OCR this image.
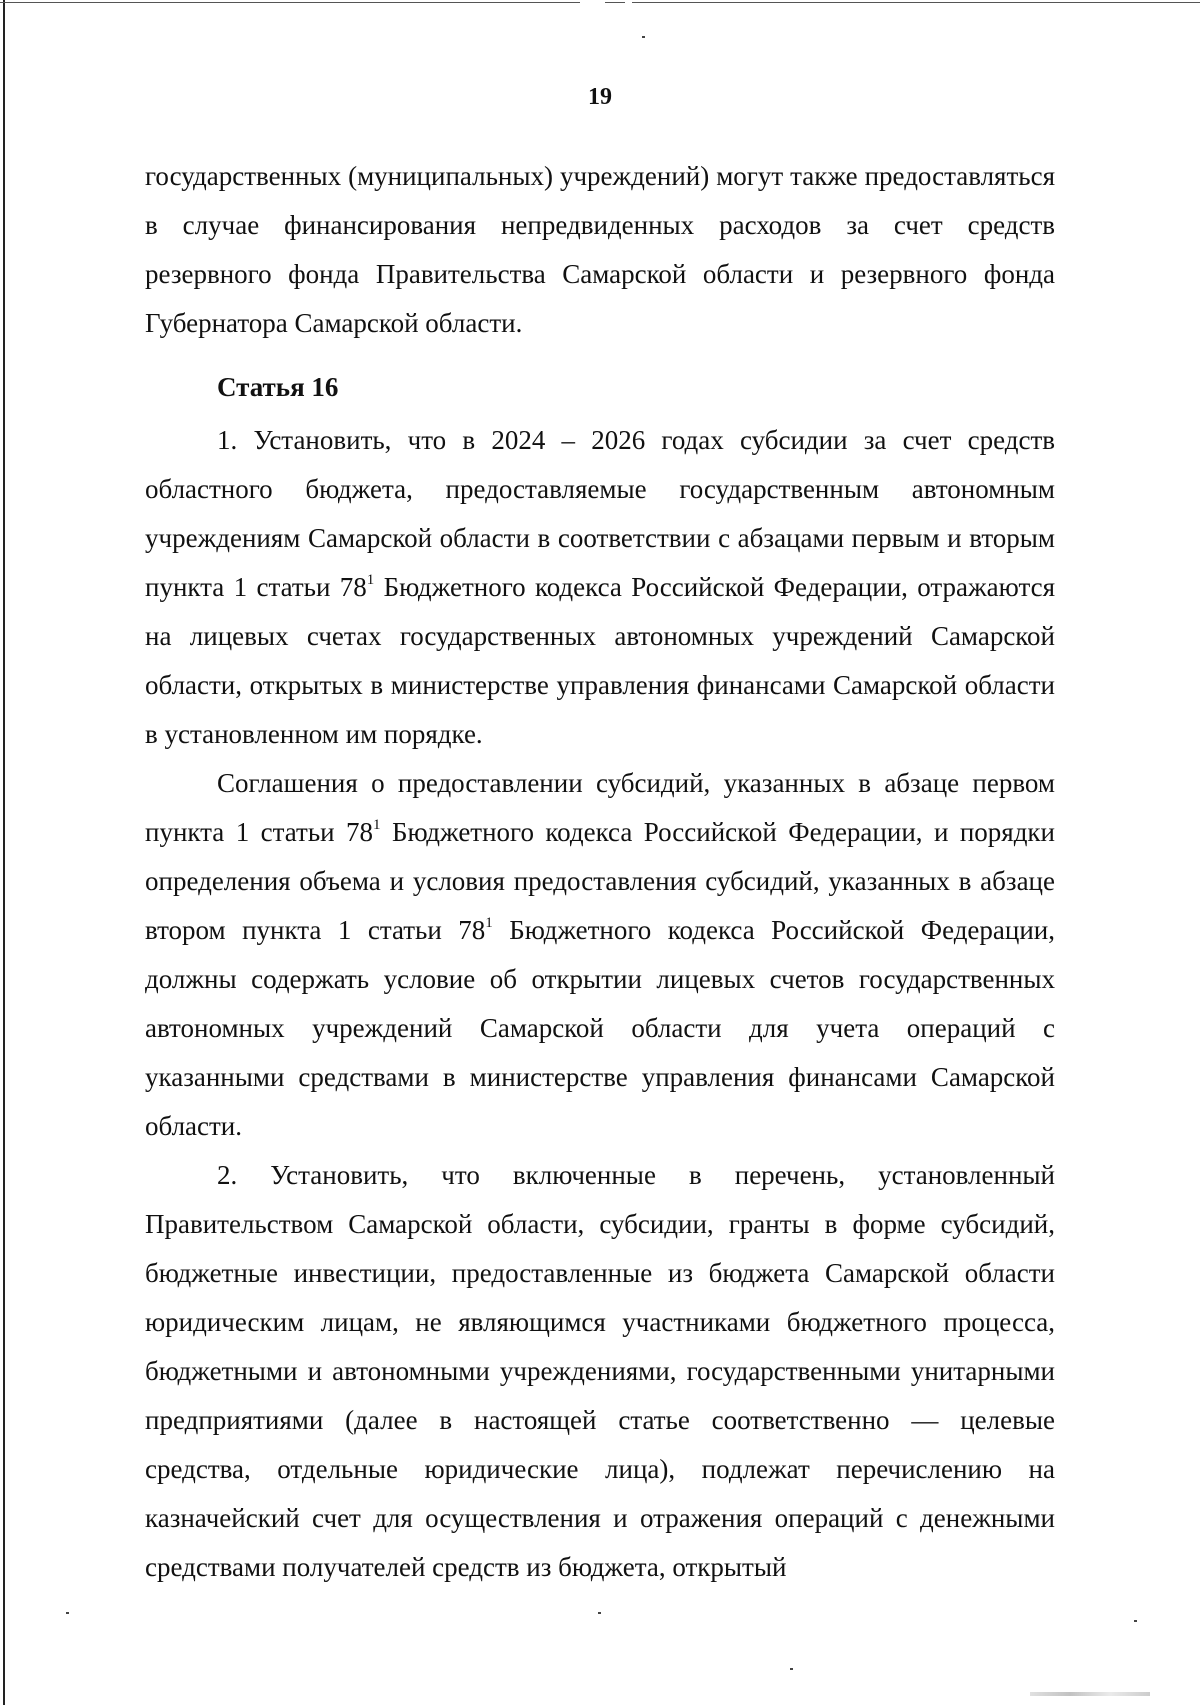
19

государственных (муниципальных) учреждений) могут также предоставляться в случае финансирования непредвиденных расходов за счет средств резервного фонда Правительства Самарской области и резервного фонда Губернатора Самарской области.

Статья 16

1. Установить, что в 2024 – 2026 годах субсидии за счет средств областного бюджета, предоставляемые государственным автономным учреждениям Самарской области в соответствии с абзацами первым и вторым пункта 1 статьи $78^1$ Бюджетного кодекса Российской Федерации, отражаются на лицевых счетах государственных автономных учреждений Самарской области, открытых в министерстве управления финансами Самарской области в установленном им порядке.

Соглашения о предоставлении субсидий, указанных в абзаце первом пункта 1 статьи $78^1$ Бюджетного кодекса Российской Федерации, и порядки определения объема и условия предоставления субсидий, указанных в абзаце втором пункта 1 статьи $78^1$ Бюджетного кодекса Российской Федерации, должны содержать условие об открытии лицевых счетов государственных автономных учреждений Самарской области для учета операций с указанными средствами в министерстве управления финансами Самарской области.

2. Установить, что включенные в перечень, установленный Правительством Самарской области, субсидии, гранты в форме субсидий, бюджетные инвестиции, предоставленные из бюджета Самарской области юридическим лицам, не являющимся участниками бюджетного процесса, бюджетными и автономными учреждениями, государственными унитарными предприятиями (далее в настоящей статье соответственно — целевые средства, отдельные юридические лица), подлежат перечислению на казначейский счет для осуществления и отражения операций с денежными средствами получателей средств из бюджета, открытый
